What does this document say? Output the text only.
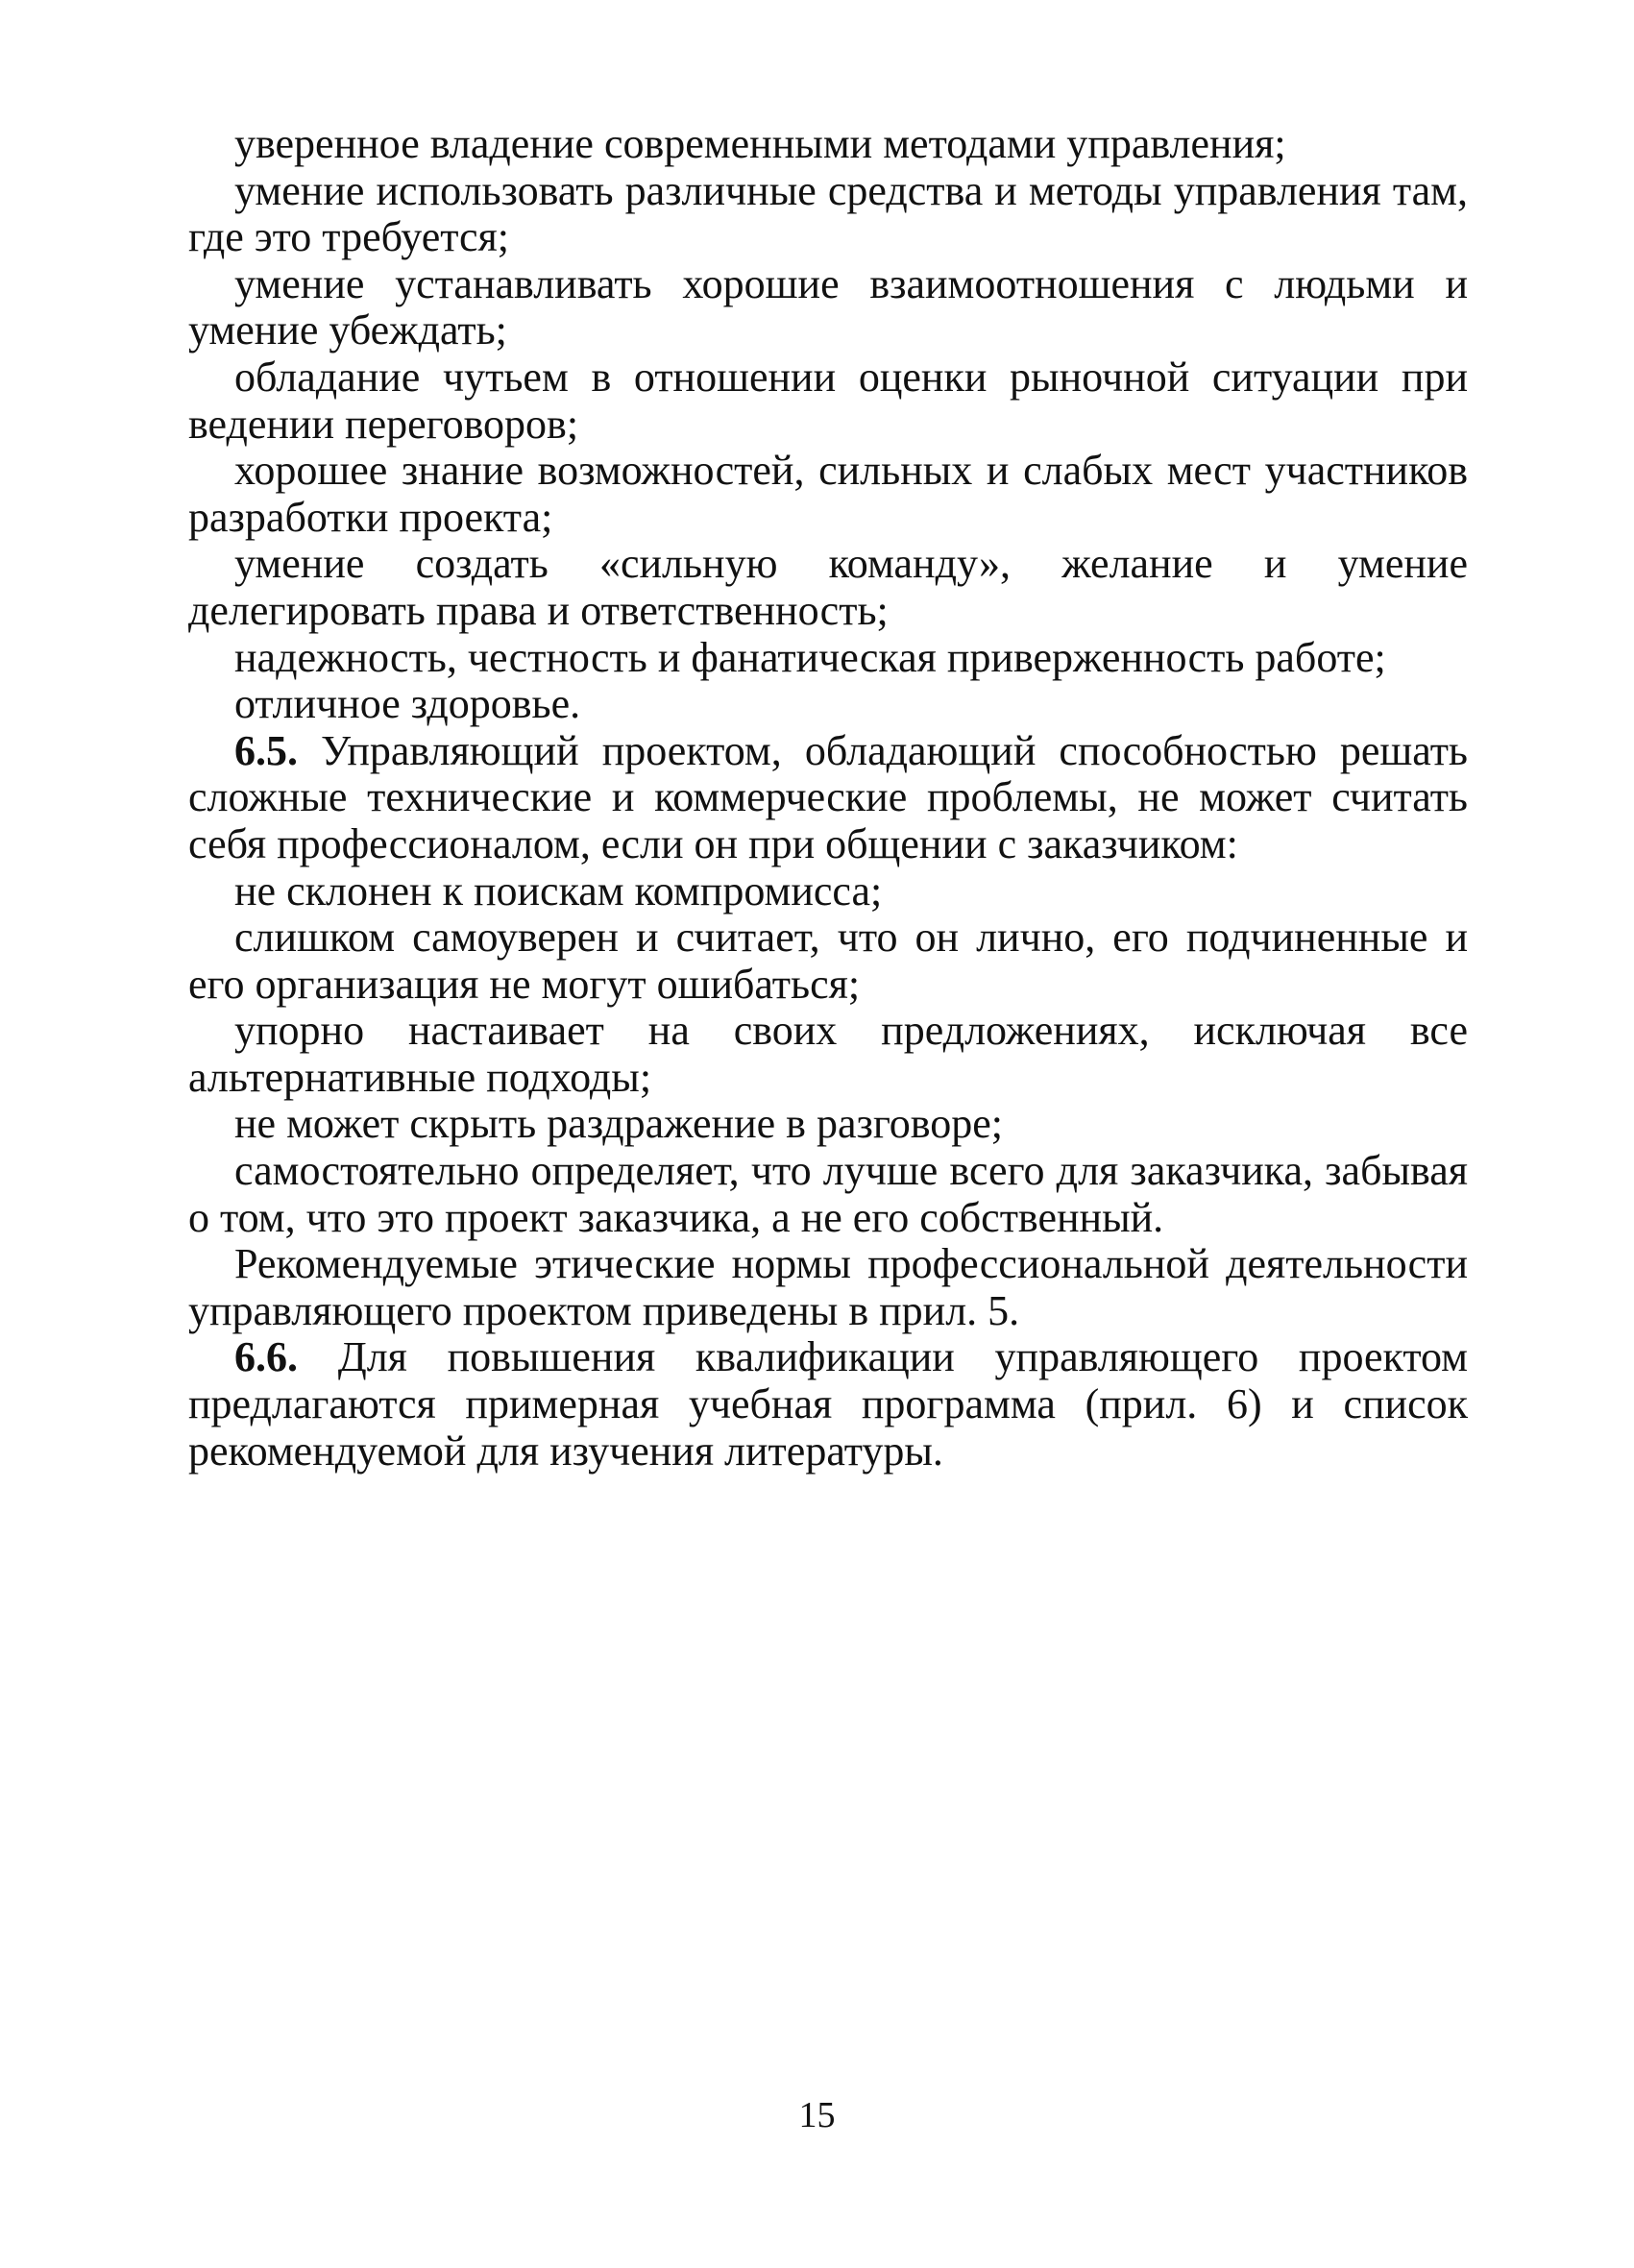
уверенное владение современными методами управления;

умение использовать различные средства и методы управления там, где это требуется;

умение устанавливать хорошие взаимоотношения с людьми и умение убеждать;

обладание чутьем в отношении оценки рыночной ситуации при ведении переговоров;

хорошее знание возможностей, сильных и слабых мест участников разработки проекта;

умение создать «сильную команду», желание и умение делегировать права и ответственность;

надежность, честность и фанатическая приверженность работе;

отличное здоровье.

6.5. Управляющий проектом, обладающий способностью решать сложные технические и коммерческие проблемы, не может считать себя профессионалом, если он при общении с заказчиком:

не склонен к поискам компромисса;

слишком самоуверен и считает, что он лично, его подчиненные и его организация не могут ошибаться;

упорно настаивает на своих предложениях, исключая все альтернативные подходы;

не может скрыть раздражение в разговоре;

самостоятельно определяет, что лучше всего для заказчика, забывая о том, что это проект заказчика, а не его собственный.

Рекомендуемые этические нормы профессиональной деятельности управляющего проектом приведены в прил. 5.

6.6. Для повышения квалификации управляющего проектом предлагаются примерная учебная программа (прил. 6) и список рекомендуемой для изучения литературы.

15
